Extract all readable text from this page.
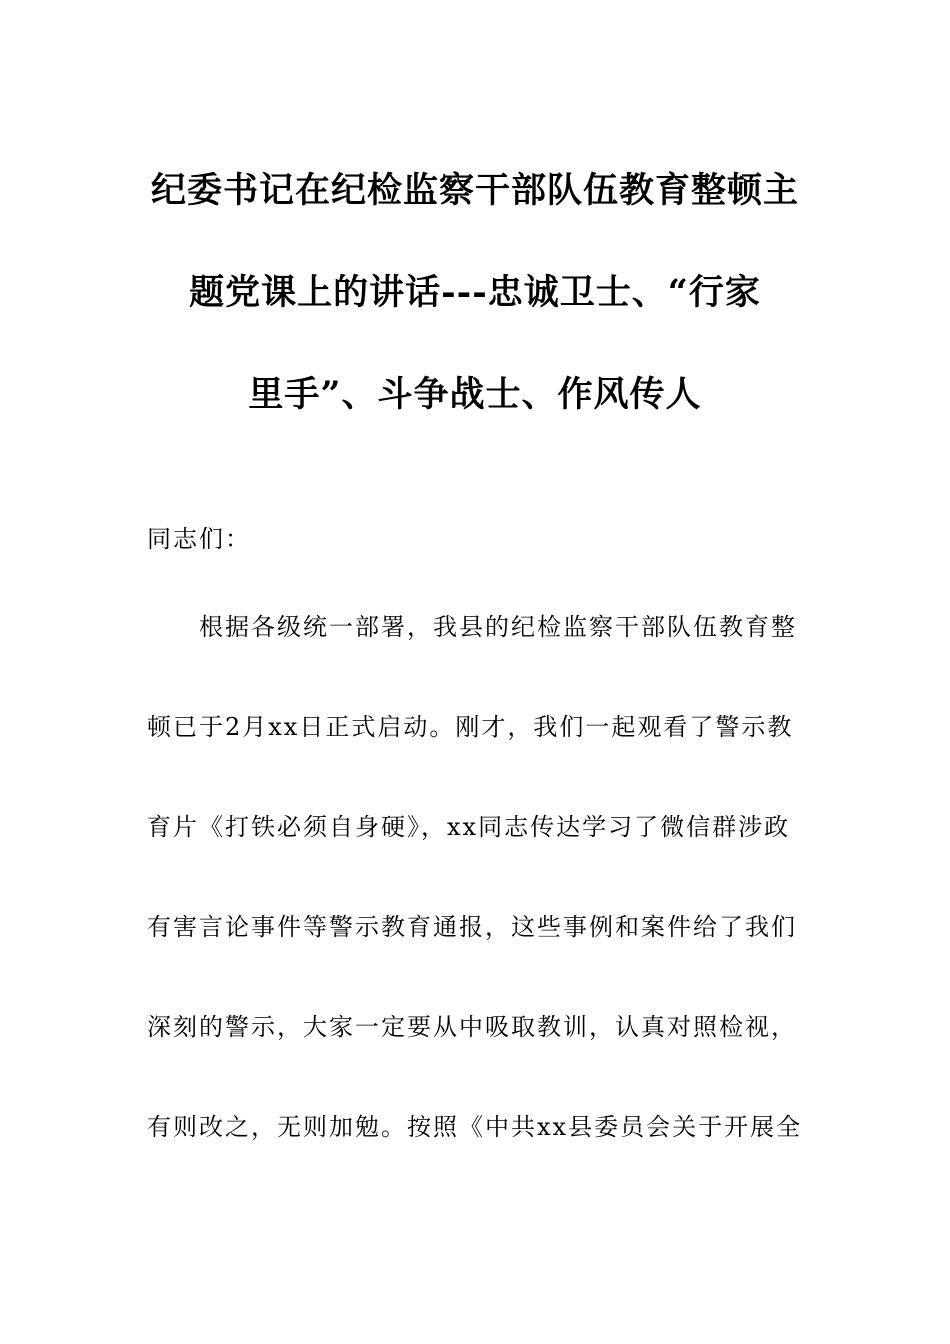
纪委书记在纪检监察干部队伍教育整顿主
题党课上的讲话---忠诚卫士、“行家
里手”、斗争战士、作风传人
同志们：
　　根据各级统一部署，我县的纪检监察干部队伍教育整
顿已于2月xx日正式启动。刚才，我们一起观看了警示教
育片《打铁必须自身硬》，xx同志传达学习了微信群涉政
有害言论事件等警示教育通报，这些事例和案件给了我们
深刻的警示，大家一定要从中吸取教训，认真对照检视，
有则改之，无则加勉。按照《中共xx县委员会关于开展全
